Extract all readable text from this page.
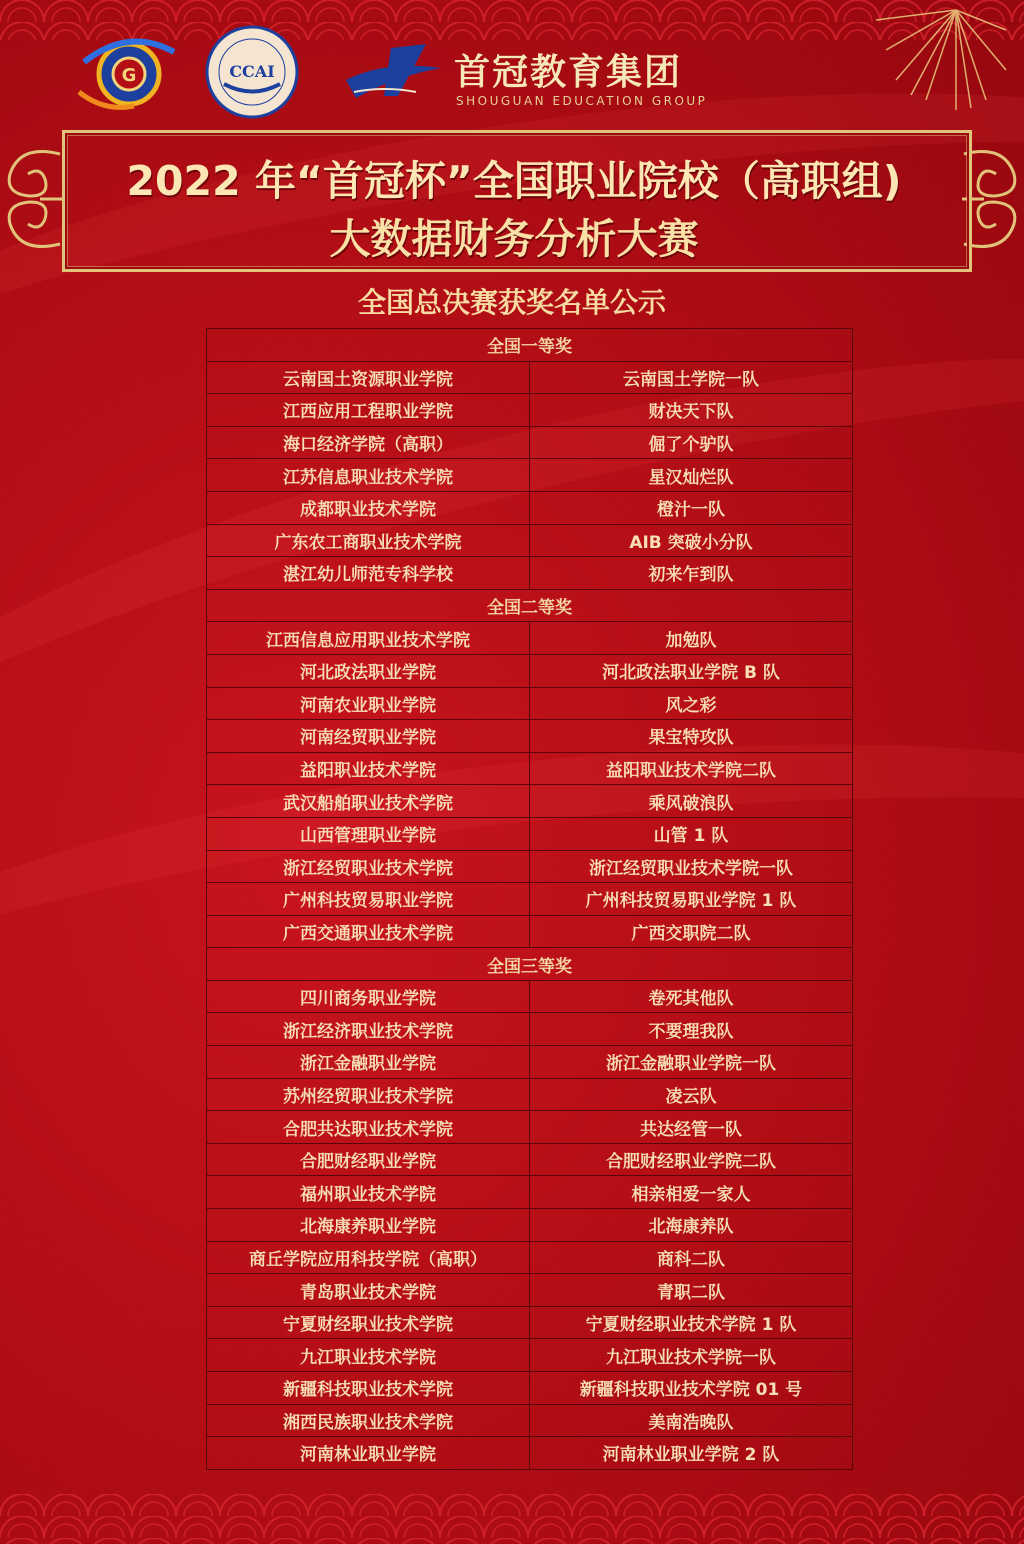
G	CCAI	首冠教育集团
SHOUGUAN EDUCATION GROUP
2022 年“首冠杯”全国职业院校（高职组)
大数据财务分析大赛
全国总决赛获奖名单公示
全国一等奖	
云南国土资源职业学院	云南国土学院一队
江西应用工程职业学院	财决天下队
海口经济学院（高职）	倔了个驴队
江苏信息职业技术学院	星汉灿烂队
成都职业技术学院	橙汁一队
广东农工商职业技术学院	AIB 突破小分队
湛江幼儿师范专科学校	初来乍到队
全国二等奖	
江西信息应用职业技术学院	加勉队
河北政法职业学院	河北政法职业学院 B 队
河南农业职业学院	风之彩
河南经贸职业学院	果宝特攻队
益阳职业技术学院	益阳职业技术学院二队
武汉船舶职业技术学院	乘风破浪队
山西管理职业学院	山管 1 队
浙江经贸职业技术学院	浙江经贸职业技术学院一队
广州科技贸易职业学院	广州科技贸易职业学院 1 队
广西交通职业技术学院	广西交职院二队
全国三等奖	
四川商务职业学院	卷死其他队
浙江经济职业技术学院	不要理我队
浙江金融职业学院	浙江金融职业学院一队
苏州经贸职业技术学院	凌云队
合肥共达职业技术学院	共达经管一队
合肥财经职业学院	合肥财经职业学院二队
福州职业技术学院	相亲相爱一家人
北海康养职业学院	北海康养队
商丘学院应用科技学院（高职）	商科二队
青岛职业技术学院	青职二队
宁夏财经职业技术学院	宁夏财经职业技术学院 1 队
九江职业技术学院	九江职业技术学院一队
新疆科技职业技术学院	新疆科技职业技术学院 01 号
湘西民族职业技术学院	美南浩晚队
河南林业职业学院	河南林业职业学院 2 队
